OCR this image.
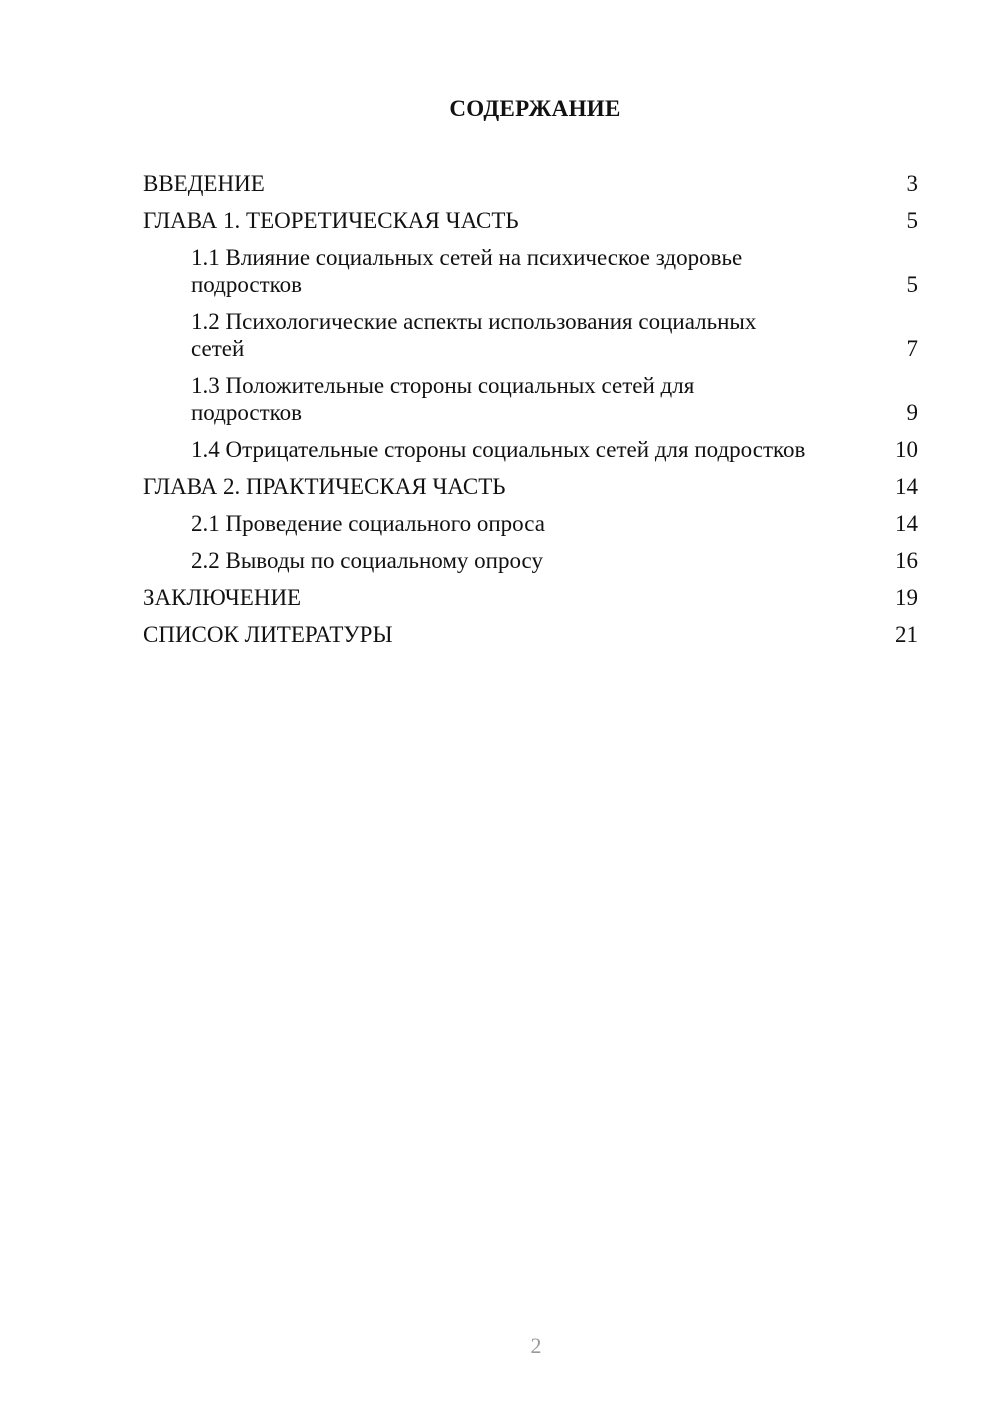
СОДЕРЖАНИЕ
ВВЕДЕНИЕ	3
ГЛАВА 1. ТЕОРЕТИЧЕСКАЯ ЧАСТЬ	5
1.1 Влияние социальных сетей на психическое здоровье подростков	5
1.2 Психологические аспекты использования социальных сетей	7
1.3 Положительные стороны социальных сетей для подростков	9
1.4 Отрицательные стороны социальных сетей для подростков	10
ГЛАВА 2. ПРАКТИЧЕСКАЯ ЧАСТЬ	14
2.1 Проведение социального опроса	14
2.2 Выводы по социальному опросу	16
ЗАКЛЮЧЕНИЕ	19
СПИСОК ЛИТЕРАТУРЫ	21
2
